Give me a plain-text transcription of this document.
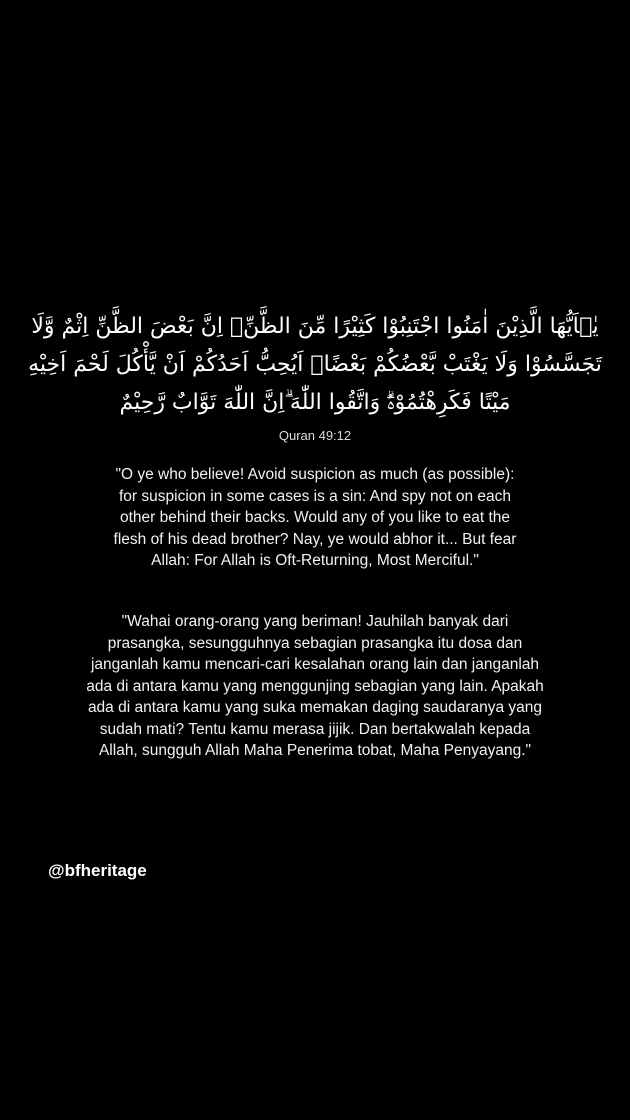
يٰۤاَيُّهَا الَّذِيْنَ اٰمَنُوا اجْتَنِبُوْا كَثِيْرًا مِّنَ الظَّنِّۖ اِنَّ بَعْضَ الظَّنِّ اِثْمٌ وَّلَا
تَجَسَّسُوْا وَلَا يَغْتَبْ بَّعْضُكُمْ بَعْضًاۗ اَيُحِبُّ اَحَدُكُمْ اَنْ يَّأْكُلَ لَحْمَ اَخِيْهِ
مَيْتًا فَكَرِهْتُمُوْهُۗ وَاتَّقُوا اللّٰهَ ۗاِنَّ اللّٰهَ تَوَّابٌ رَّحِيْمٌ

Quran 49:12

"O ye who believe! Avoid suspicion as much (as possible):
for suspicion in some cases is a sin: And spy not on each
other behind their backs. Would any of you like to eat the
flesh of his dead brother? Nay, ye would abhor it... But fear
Allah: For Allah is Oft-Returning, Most Merciful."
"Wahai orang-orang yang beriman! Jauhilah banyak dari
prasangka, sesungguhnya sebagian prasangka itu dosa dan
janganlah kamu mencari-cari kesalahan orang lain dan janganlah
ada di antara kamu yang menggunjing sebagian yang lain. Apakah
ada di antara kamu yang suka memakan daging saudaranya yang
sudah mati? Tentu kamu merasa jijik. Dan bertakwalah kepada
Allah, sungguh Allah Maha Penerima tobat, Maha Penyayang."

@bfheritage
